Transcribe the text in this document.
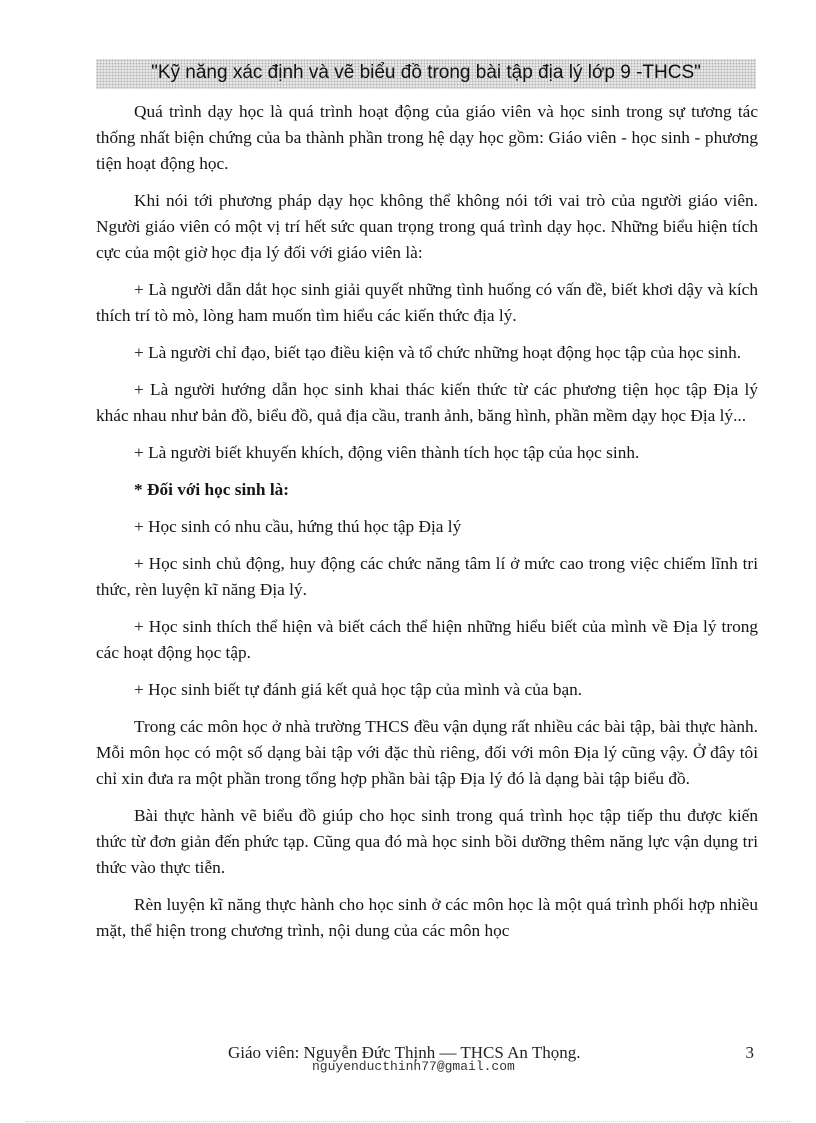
"Kỹ năng xác định và vẽ biểu đồ trong bài tập địa lý lớp 9 -THCS"

Quá trình dạy học là quá trình hoạt động của giáo viên và học sinh trong sự tương tác thống nhất biện chứng của ba thành phần trong hệ dạy học gồm: Giáo viên - học sinh - phương tiện hoạt động học.

Khi nói tới phương pháp dạy học không thể không nói tới vai trò của người giáo viên. Người giáo viên có một vị trí hết sức quan trọng trong quá trình dạy học. Những biểu hiện tích cực của một giờ học địa lý đối với giáo viên là:

+ Là người dẫn dắt học sinh giải quyết những tình huống có vấn đề, biết khơi dậy và kích thích trí tò mò, lòng ham muốn tìm hiểu các kiến thức địa lý.

+ Là người chỉ đạo, biết tạo điều kiện và tổ chức những hoạt động học tập của học sinh.

+ Là người hướng dẫn học sinh khai thác kiến thức từ các phương tiện học tập Địa lý khác nhau như bản đồ, biểu đồ, quả địa cầu, tranh ảnh, băng hình, phần mềm dạy học Địa lý...

+ Là người biết khuyến khích, động viên thành tích học tập của học sinh.

* Đối với học sinh là:

+ Học sinh có nhu cầu, hứng thú học tập Địa lý

+ Học sinh chủ động, huy động các chức năng tâm lí ở mức cao trong việc chiếm lĩnh tri thức, rèn luyện kĩ năng Địa lý.

+ Học sinh thích thể hiện và biết cách thể hiện những hiểu biết của mình về Địa lý trong các hoạt động học tập.

+ Học sinh biết tự đánh giá kết quả học tập của mình và của bạn.

Trong các môn học ở nhà trường THCS đều vận dụng rất nhiều các bài tập, bài thực hành. Mỗi môn học có một số dạng bài tập với đặc thù riêng, đối với môn Địa lý cũng vậy. Ở đây tôi chỉ xin đưa ra một phần trong tổng hợp phần bài tập Địa lý đó là dạng bài tập biểu đồ.

Bài thực hành vẽ biểu đồ giúp cho học sinh trong quá trình học tập tiếp thu được kiến thức từ đơn giản đến phức tạp. Cũng qua đó mà học sinh bồi dưỡng thêm năng lực vận dụng tri thức vào thực tiễn.

Rèn luyện kĩ năng thực hành cho học sinh ở các môn học là một quá trình phối hợp nhiều mặt, thể hiện trong chương trình, nội dung của các môn học

Giáo viên: Nguyễn Đức Thịnh — THCS An Thọng.	3
nguyenducthinh77@gmail.com
